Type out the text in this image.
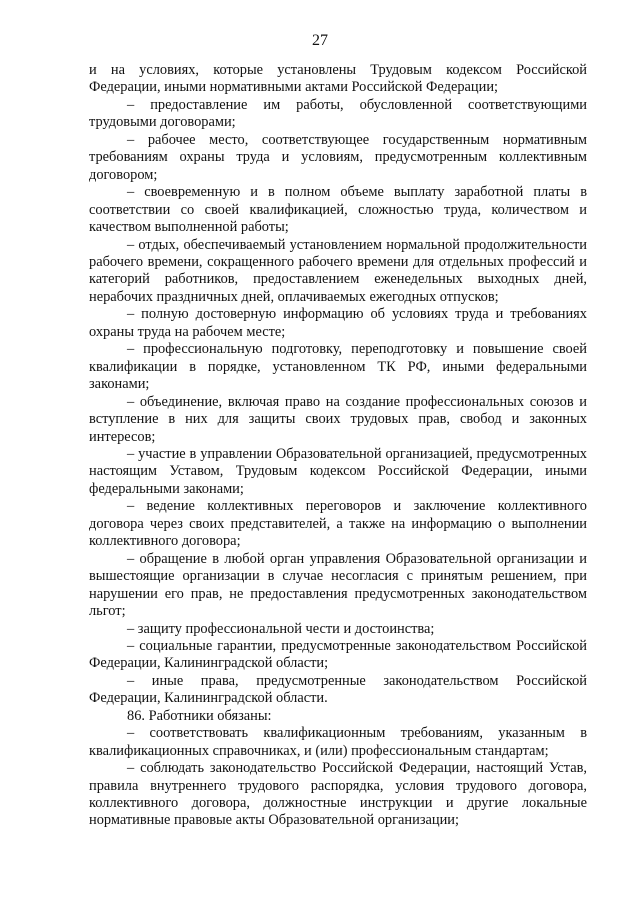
27

и на условиях, которые установлены Трудовым кодексом Российской Федерации, иными нормативными актами Российской Федерации;

– предоставление им работы, обусловленной соответствующими трудовыми договорами;

– рабочее место, соответствующее государственным нормативным требованиям охраны труда и условиям, предусмотренным коллективным договором;

– своевременную и в полном объеме выплату заработной платы в соответствии со своей квалификацией, сложностью труда, количеством и качеством выполненной работы;

– отдых, обеспечиваемый установлением нормальной продолжительности рабочего времени, сокращенного рабочего времени для отдельных профессий и категорий работников, предоставлением еженедельных выходных дней, нерабочих праздничных дней, оплачиваемых ежегодных отпусков;

– полную достоверную информацию об условиях труда и требованиях охраны труда на рабочем месте;

– профессиональную подготовку, переподготовку и повышение своей квалификации в порядке, установленном ТК РФ, иными федеральными законами;

– объединение, включая право на создание профессиональных союзов и вступление в них для защиты своих трудовых прав, свобод и законных интересов;

– участие в управлении Образовательной организацией, предусмотренных настоящим Уставом, Трудовым кодексом Российской Федерации, иными федеральными законами;

– ведение коллективных переговоров и заключение коллективного договора через своих представителей, а также на информацию о выполнении коллективного договора;

– обращение в любой орган управления Образовательной организации и вышестоящие организации в случае несогласия с принятым решением, при нарушении его прав, не предоставления предусмотренных законодательством льгот;

– защиту профессиональной чести и достоинства;

– социальные гарантии, предусмотренные законодательством Российской Федерации, Калининградской области;

– иные права, предусмотренные законодательством Российской Федерации, Калининградской области.

86. Работники обязаны:

– соответствовать квалификационным требованиям, указанным в квалификационных справочниках, и (или) профессиональным стандартам;

– соблюдать законодательство Российской Федерации, настоящий Устав, правила внутреннего трудового распорядка, условия трудового договора, коллективного договора, должностные инструкции и другие локальные нормативные правовые акты Образовательной организации;
